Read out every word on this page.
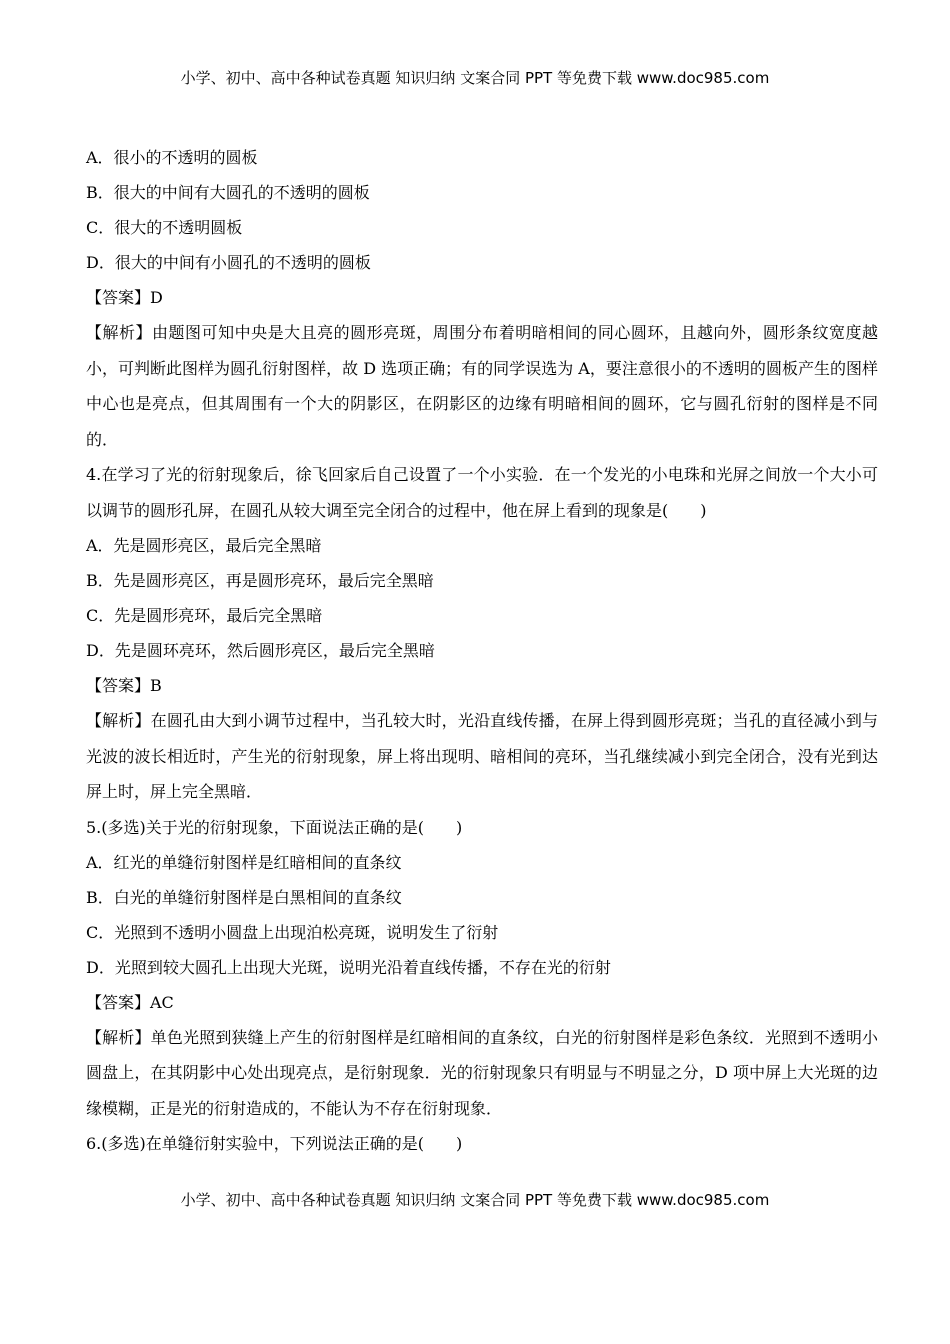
小学、初中、高中各种试卷真题 知识归纳 文案合同 PPT 等免费下载 www.doc985.com
A．很小的不透明的圆板
B．很大的中间有大圆孔的不透明的圆板
C．很大的不透明圆板
D．很大的中间有小圆孔的不透明的圆板
【答案】D
【解析】由题图可知中央是大且亮的圆形亮斑，周围分布着明暗相间的同心圆环，且越向外，圆形条纹宽度越小，可判断此图样为圆孔衍射图样，故 D 选项正确；有的同学误选为 A，要注意很小的不透明的圆板产生的图样中心也是亮点，但其周围有一个大的阴影区，在阴影区的边缘有明暗相间的圆环，它与圆孔衍射的图样是不同的．
4.在学习了光的衍射现象后，徐飞回家后自己设置了一个小实验．在一个发光的小电珠和光屏之间放一个大小可以调节的圆形孔屏，在圆孔从较大调至完全闭合的过程中，他在屏上看到的现象是(　　)
A．先是圆形亮区，最后完全黑暗
B．先是圆形亮区，再是圆形亮环，最后完全黑暗
C．先是圆形亮环，最后完全黑暗
D．先是圆环亮环，然后圆形亮区，最后完全黑暗
【答案】B
【解析】在圆孔由大到小调节过程中，当孔较大时，光沿直线传播，在屏上得到圆形亮斑；当孔的直径减小到与光波的波长相近时，产生光的衍射现象，屏上将出现明、暗相间的亮环，当孔继续减小到完全闭合，没有光到达屏上时，屏上完全黑暗．
5.(多选)关于光的衍射现象，下面说法正确的是(　　)
A．红光的单缝衍射图样是红暗相间的直条纹
B．白光的单缝衍射图样是白黑相间的直条纹
C．光照到不透明小圆盘上出现泊松亮斑，说明发生了衍射
D．光照到较大圆孔上出现大光斑，说明光沿着直线传播，不存在光的衍射
【答案】AC
【解析】单色光照到狭缝上产生的衍射图样是红暗相间的直条纹，白光的衍射图样是彩色条纹．光照到不透明小圆盘上，在其阴影中心处出现亮点，是衍射现象．光的衍射现象只有明显与不明显之分，D 项中屏上大光斑的边缘模糊，正是光的衍射造成的，不能认为不存在衍射现象．
6.(多选)在单缝衍射实验中，下列说法正确的是(　　)
小学、初中、高中各种试卷真题 知识归纳 文案合同 PPT 等免费下载 www.doc985.com
